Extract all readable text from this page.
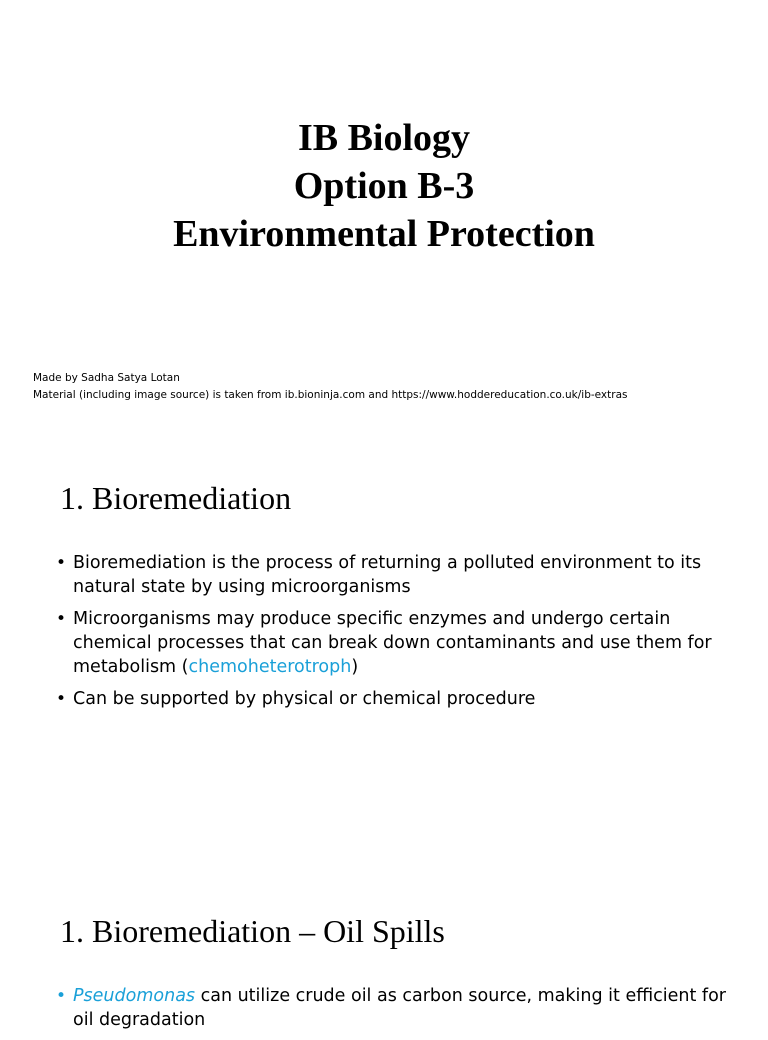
IB Biology
Option B-3
Environmental Protection
Made by Sadha Satya Lotan
Material (including image source) is taken from ib.bioninja.com and https://www.hoddereducation.co.uk/ib-extras
1. Bioremediation
• Bioremediation is the process of returning a polluted environment to its natural state by using microorganisms
• Microorganisms may produce specific enzymes and undergo certain chemical processes that can break down contaminants and use them for metabolism (chemoheterotroph)
• Can be supported by physical or chemical procedure
1. Bioremediation – Oil Spills
• Pseudomonas can utilize crude oil as carbon source, making it efficient for oil degradation
